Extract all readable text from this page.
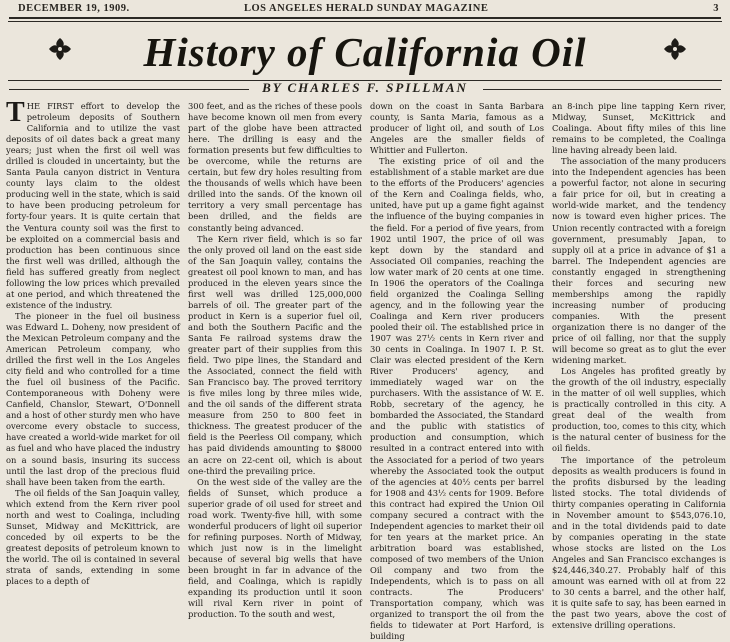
DECEMBER 19, 1909.	LOS ANGELES HERALD SUNDAY MAGAZINE	3
History of California Oil
BY CHARLES F. SPILLMAN

THE FIRST effort to develop the petroleum deposits of Southern California and to utilize the vast deposits of oil dates back a great many years; just when the first oil well was drilled is clouded in uncertainty, but the Santa Paula canyon district in Ventura county lays claim to the oldest producing well in the state, which is said to have been producing petroleum for forty-four years. It is quite certain that the Ventura county soil was the first to be exploited on a commercial basis and production has been continuous since the first well was drilled, although the field has suffered greatly from neglect following the low prices which prevailed at one period, and which threatened the existence of the industry.

The pioneer in the fuel oil business was Edward L. Doheny, now president of the Mexican Petroleum company and the American Petroleum company, who drilled the first well in the Los Angeles city field and who controlled for a time the fuel oil business of the Pacific. Contemporaneous with Doheny were Canfield, Chanslor, Stewart, O'Donnell and a host of other sturdy men who have overcome every obstacle to success, have created a world-wide market for oil as fuel and who have placed the industry on a sound basis, insuring its success until the last drop of the precious fluid shall have been taken from the earth.

The oil fields of the San Joaquin valley, which extend from the Kern river pool north and west to Coalinga, including Sunset, Midway and McKittrick, are conceded by oil experts to be the greatest deposits of petroleum known to the world. The oil is contained in several strata of sands, extending in some places to a depth of

300 feet, and as the riches of these pools have become known oil men from every part of the globe have been attracted here. The drilling is easy and the formation presents but few difficulties to be overcome, while the returns are certain, but few dry holes resulting from the thousands of wells which have been drilled into the sands. Of the known oil territory a very small percentage has been drilled, and the fields are constantly being advanced.

The Kern river field, which is so far the only proved oil land on the east side of the San Joaquin valley, contains the greatest oil pool known to man, and has produced in the eleven years since the first well was drilled 125,000,000 barrels of oil. The greater part of the product in Kern is a superior fuel oil, and both the Southern Pacific and the Santa Fe railroad systems draw the greater part of their supplies from this field. Two pipe lines, the Standard and the Associated, connect the field with San Francisco bay. The proved territory is five miles long by three miles wide, and the oil sands of the different strata measure from 250 to 800 feet in thickness. The greatest producer of the field is the Peerless Oil company, which has paid dividends amounting to $8000 an acre on 22-cent oil, which is about one-third the prevailing price.

On the west side of the valley are the fields of Sunset, which produce a superior grade of oil used for street and road work. Twenty-five hill, with some wonderful producers of light oil superior for refining purposes. North of Midway, which just now is in the limelight because of several big wells that have been brought in far in advance of the field, and Coalinga, which is rapidly expanding its production until it soon will rival Kern river in point of production. To the south and west,

down on the coast in Santa Barbara county, is Santa Maria, famous as a producer of light oil, and south of Los Angeles are the smaller fields of Whittier and Fullerton.

The existing price of oil and the establishment of a stable market are due to the efforts of the Producers' agencies of the Kern and Coalinga fields, who, united, have put up a game fight against the influence of the buying companies in the field. For a period of five years, from 1902 until 1907, the price of oil was kept down by the standard and Associated Oil companies, reaching the low water mark of 20 cents at one time. In 1906 the operators of the Coalinga field organized the Coalinga Selling agency, and in the following year the Coalinga and Kern river producers pooled their oil. The established price in 1907 was 27½ cents in Kern river and 30 cents in Coalinga. In 1907 I. P. St. Clair was elected president of the Kern River Producers' agency, and immediately waged war on the purchasers. With the assistance of W. E. Robb, secretary of the agency, he bombarded the Associated, the Standard and the public with statistics of production and consumption, which resulted in a contract entered into with the Associated for a period of two years whereby the Associated took the output of the agencies at 40½ cents per barrel for 1908 and 43½ cents for 1909. Before this contract had expired the Union Oil company secured a contract with the Independent agencies to market their oil for ten years at the market price. An arbitration board was established, composed of two members of the Union Oil company and two from the Independents, which is to pass on all contracts. The Producers' Transportation company, which was organized to transport the oil from the fields to tidewater at Port Harford, is building

an 8-inch pipe line tapping Kern river, Midway, Sunset, McKittrick and Coalinga. About fifty miles of this line remains to be completed, the Coalinga line having already been laid.

The association of the many producers into the Independent agencies has been a powerful factor, not alone in securing a fair price for oil, but in creating a world-wide market, and the tendency now is toward even higher prices. The Union recently contracted with a foreign government, presumably Japan, to supply oil at a price in advance of $1 a barrel. The Independent agencies are constantly engaged in strengthening their forces and securing new memberships among the rapidly increasing number of producing companies. With the present organization there is no danger of the price of oil falling, nor that the supply will become so great as to glut the ever widening market.

Los Angeles has profited greatly by the growth of the oil industry, especially in the matter of oil well supplies, which is practically controlled in this city. A great deal of the wealth from production, too, comes to this city, which is the natural center of business for the oil fields.

The importance of the petroleum deposits as wealth producers is found in the profits disbursed by the leading listed stocks. The total dividends of thirty companies operating in California in November amount to $543,076.10, and in the total dividends paid to date by companies operating in the state whose stocks are listed on the Los Angeles and San Francisco exchanges is $24,446,340.27. Probably half of this amount was earned with oil at from 22 to 30 cents a barrel, and the other half, it is quite safe to say, has been earned in the past two years, above the cost of extensive drilling operations.
